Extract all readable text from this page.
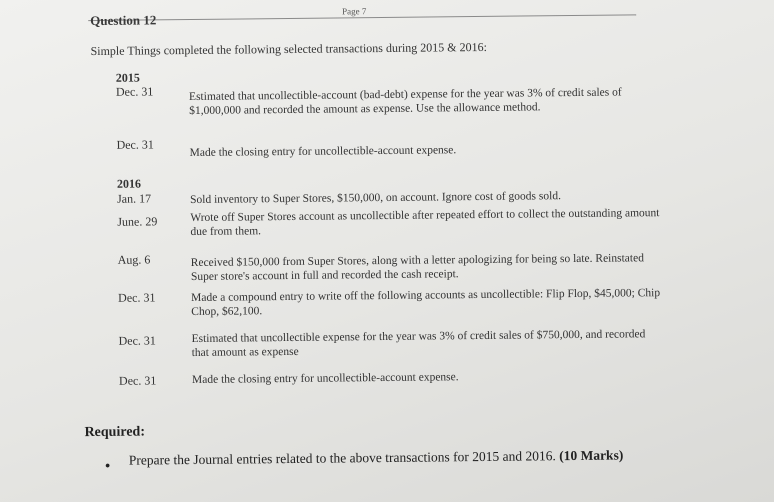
Page 7
Question 12
Simple Things completed the following selected transactions during 2015 & 2016:
2015
Dec. 31	Estimated that uncollectible-account (bad-debt) expense for the year was 3% of credit sales of $1,000,000 and recorded the amount as expense. Use the allowance method.
Dec. 31	Made the closing entry for uncollectible-account expense.
2016
Jan. 17	Sold inventory to Super Stores, $150,000, on account. Ignore cost of goods sold.
June. 29	Wrote off Super Stores account as uncollectible after repeated effort to collect the outstanding amount due from them.
Aug. 6	Received $150,000 from Super Stores, along with a letter apologizing for being so late. Reinstated Super store's account in full and recorded the cash receipt.
Dec. 31	Made a compound entry to write off the following accounts as uncollectible: Flip Flop, $45,000; Chip Chop, $62,100.
Dec. 31	Estimated that uncollectible expense for the year was 3% of credit sales of $750,000, and recorded that amount as expense
Dec. 31	Made the closing entry for uncollectible-account expense.
Required:
• Prepare the Journal entries related to the above transactions for 2015 and 2016. (10 Marks)
